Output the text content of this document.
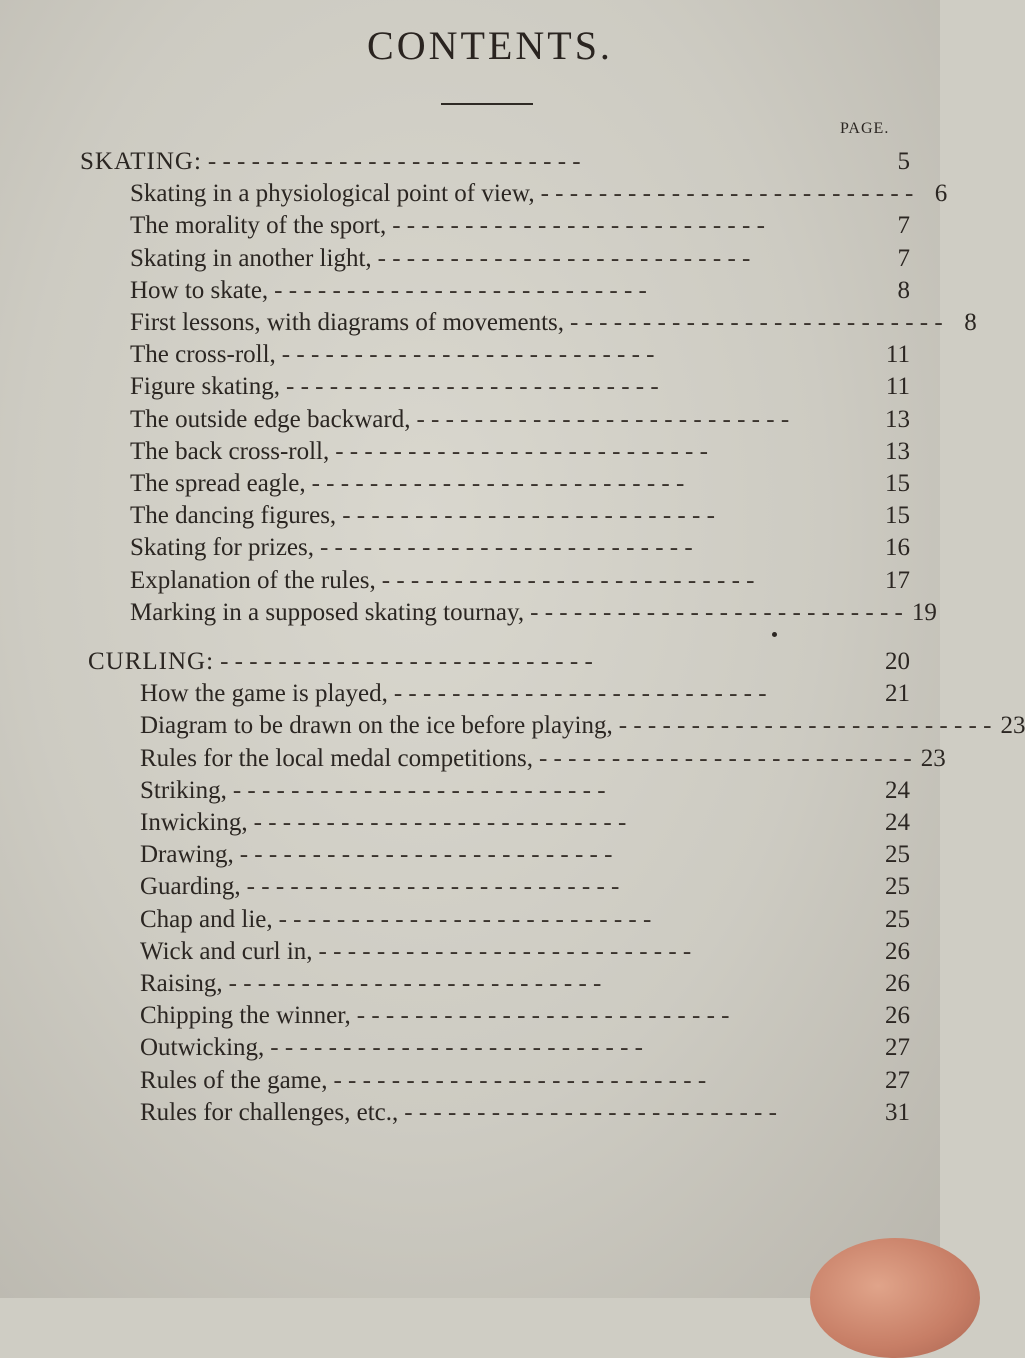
CONTENTS.
PAGE.
SKATING: - - - - - - - - - - - - - - - - - - - - - - - - - -	5
Skating in a physiological point of view, - - - - - - - - - - - - - - - - - - - - - - - - - - 6
The morality of the sport, - - - - - - - - - - - - - - - - - - - - - - - - - -	7
Skating in another light, - - - - - - - - - - - - - - - - - - - - - - - - - -	7
How to skate, - - - - - - - - - - - - - - - - - - - - - - - - - -	8
First lessons, with diagrams of movements, - - - - - - - - - - - - - - - - - - - - - - - - - - 8
The cross-roll, - - - - - - - - - - - - - - - - - - - - - - - - - -	11
Figure skating, - - - - - - - - - - - - - - - - - - - - - - - - - -	11
The outside edge backward, - - - - - - - - - - - - - - - - - - - - - - - - - -	13
The back cross-roll, - - - - - - - - - - - - - - - - - - - - - - - - - -	13
The spread eagle, - - - - - - - - - - - - - - - - - - - - - - - - - -	15
The dancing figures, - - - - - - - - - - - - - - - - - - - - - - - - - -	15
Skating for prizes, - - - - - - - - - - - - - - - - - - - - - - - - - -	16
Explanation of the rules, - - - - - - - - - - - - - - - - - - - - - - - - - -	17
Marking in a supposed skating tournay, - - - - - - - - - - - - - - - - - - - - - - - - - - 19
CURLING: - - - - - - - - - - - - - - - - - - - - - - - - - -	20
How the game is played, - - - - - - - - - - - - - - - - - - - - - - - - - -	21
Diagram to be drawn on the ice before playing, - - - - - - - - - - - - - - - - - - - - - - - - - - 23
Rules for the local medal competitions, - - - - - - - - - - - - - - - - - - - - - - - - - - 23
Striking, - - - - - - - - - - - - - - - - - - - - - - - - - -	24
Inwicking, - - - - - - - - - - - - - - - - - - - - - - - - - -	24
Drawing, - - - - - - - - - - - - - - - - - - - - - - - - - -	25
Guarding, - - - - - - - - - - - - - - - - - - - - - - - - - -	25
Chap and lie, - - - - - - - - - - - - - - - - - - - - - - - - - -	25
Wick and curl in, - - - - - - - - - - - - - - - - - - - - - - - - - -	26
Raising, - - - - - - - - - - - - - - - - - - - - - - - - - -	26
Chipping the winner, - - - - - - - - - - - - - - - - - - - - - - - - - -	26
Outwicking, - - - - - - - - - - - - - - - - - - - - - - - - - -	27
Rules of the game, - - - - - - - - - - - - - - - - - - - - - - - - - -	27
Rules for challenges, etc., - - - - - - - - - - - - - - - - - - - - - - - - - -	31
